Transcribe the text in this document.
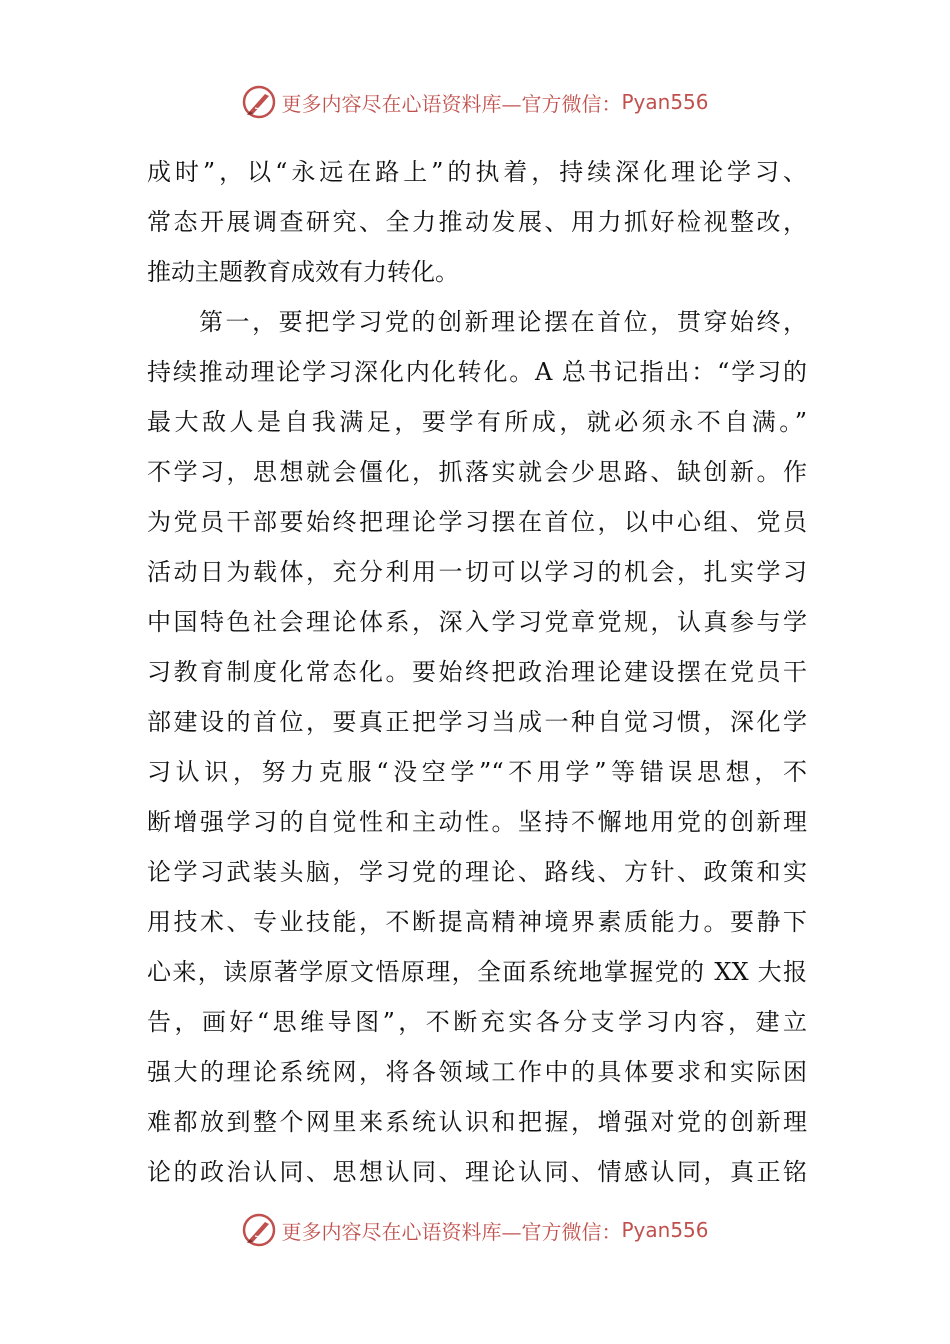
更多内容尽在心语资料库—官方微信： Pyan556
成时”，以“永远在路上”的执着，持续深化理论学习、
常态开展调查研究、全力推动发展、用力抓好检视整改，
推动主题教育成效有力转化。
第一，要把学习党的创新理论摆在首位，贯穿始终，
持续推动理论学习深化内化转化。A 总书记指出：“学习的
最大敌人是自我满足，要学有所成，就必须永不自满。”
不学习，思想就会僵化，抓落实就会少思路、缺创新。作
为党员干部要始终把理论学习摆在首位，以中心组、党员
活动日为载体，充分利用一切可以学习的机会，扎实学习
中国特色社会理论体系，深入学习党章党规，认真参与学
习教育制度化常态化。要始终把政治理论建设摆在党员干
部建设的首位，要真正把学习当成一种自觉习惯，深化学
习认识，努力克服“没空学”“不用学”等错误思想，不
断增强学习的自觉性和主动性。坚持不懈地用党的创新理
论学习武装头脑，学习党的理论、路线、方针、政策和实
用技术、专业技能，不断提高精神境界素质能力。要静下
心来，读原著学原文悟原理，全面系统地掌握党的 XX 大报
告，画好“思维导图”，不断充实各分支学习内容，建立
强大的理论系统网，将各领域工作中的具体要求和实际困
难都放到整个网里来系统认识和把握，增强对党的创新理
论的政治认同、思想认同、理论认同、情感认同，真正铭
更多内容尽在心语资料库—官方微信： Pyan556
